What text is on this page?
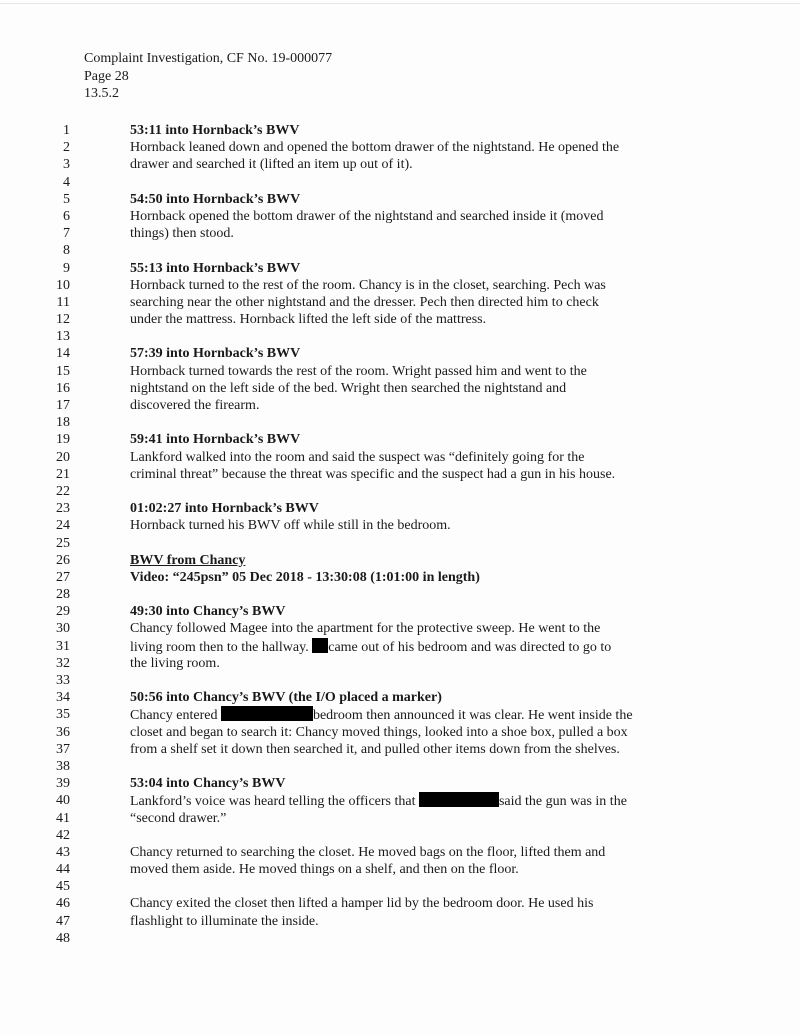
Complaint Investigation, CF No. 19-000077
Page 28
13.5.2
1
2
3
4
5
6
7
8
9
10
11
12
13
14
15
16
17
18
19
20
21
22
23
24
25
26
27
28
29
30
31
32
33
34
35
36
37
38
39
40
41
42
43
44
45
46
47
48
53:11 into Hornback’s BWV
Hornback leaned down and opened the bottom drawer of the nightstand. He opened the
drawer and searched it (lifted an item up out of it).
54:50 into Hornback’s BWV
Hornback opened the bottom drawer of the nightstand and searched inside it (moved
things) then stood.
55:13 into Hornback’s BWV
Hornback turned to the rest of the room. Chancy is in the closet, searching. Pech was
searching near the other nightstand and the dresser. Pech then directed him to check
under the mattress. Hornback lifted the left side of the mattress.
57:39 into Hornback’s BWV
Hornback turned towards the rest of the room. Wright passed him and went to the
nightstand on the left side of the bed. Wright then searched the nightstand and
discovered the firearm.
59:41 into Hornback’s BWV
Lankford walked into the room and said the suspect was “definitely going for the
criminal threat” because the threat was specific and the suspect had a gun in his house.
01:02:27 into Hornback’s BWV
Hornback turned his BWV off while still in the bedroom.
BWV from Chancy
Video: “245psn” 05 Dec 2018 - 13:30:08 (1:01:00 in length)
49:30 into Chancy’s BWV
Chancy followed Magee into the apartment for the protective sweep. He went to the
living room then to the hallway. came out of his bedroom and was directed to go to
the living room.
50:56 into Chancy’s BWV (the I/O placed a marker)
Chancy entered	bedroom then announced it was clear. He went inside the
closet and began to search it: Chancy moved things, looked into a shoe box, pulled a box
from a shelf set it down then searched it, and pulled other items down from the shelves.
53:04 into Chancy’s BWV
Lankford’s voice was heard telling the officers that	said the gun was in the
“second drawer.”
Chancy returned to searching the closet. He moved bags on the floor, lifted them and
moved them aside. He moved things on a shelf, and then on the floor.
Chancy exited the closet then lifted a hamper lid by the bedroom door. He used his
flashlight to illuminate the inside.
